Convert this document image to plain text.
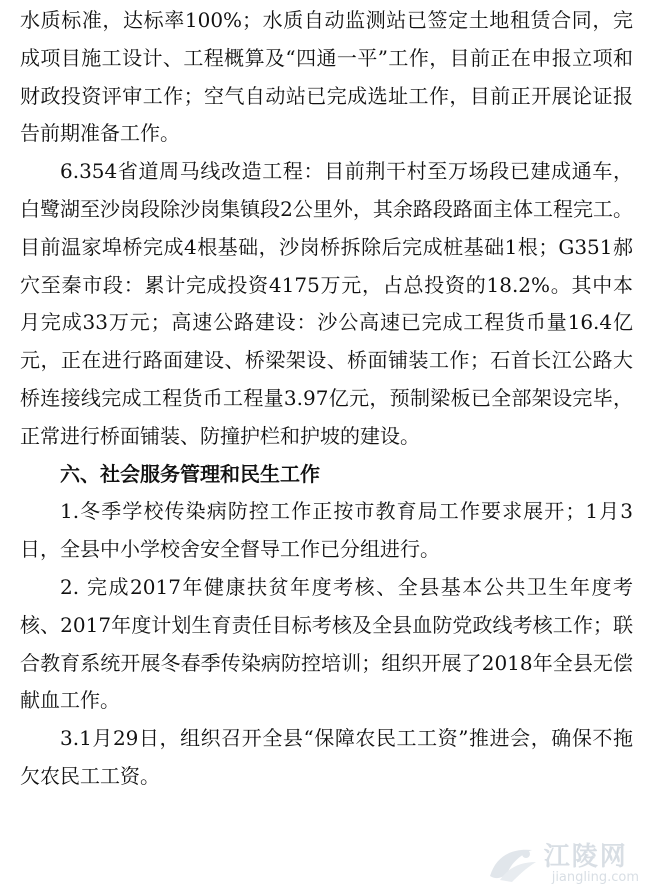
水质标准，达标率100%；水质自动监测站已签定土地租赁合同，完成项目施工设计、工程概算及“四通一平”工作，目前正在申报立项和财政投资评审工作；空气自动站已完成选址工作，目前正开展论证报告前期准备工作。

6.354省道周马线改造工程：目前荆干村至万场段已建成通车，白鹭湖至沙岗段除沙岗集镇段2公里外，其余路段路面主体工程完工。目前温家埠桥完成4根基础，沙岗桥拆除后完成桩基础1根；G351郝穴至秦市段：累计完成投资4175万元，占总投资的18.2%。其中本月完成33万元；高速公路建设：沙公高速已完成工程货币量16.4亿元，正在进行路面建设、桥梁架设、桥面铺装工作；石首长江公路大桥连接线完成工程货币工程量3.97亿元，预制梁板已全部架设完毕，正常进行桥面铺装、防撞护栏和护坡的建设。

六、社会服务管理和民生工作

1.冬季学校传染病防控工作正按市教育局工作要求展开；1月3日，全县中小学校舍安全督导工作已分组进行。

2. 完成2017年健康扶贫年度考核、全县基本公共卫生年度考核、2017年度计划生育责任目标考核及全县血防党政线考核工作；联合教育系统开展冬春季传染病防控培训；组织开展了2018年全县无偿献血工作。

3.1月29日，组织召开全县“保障农民工工资”推进会，确保不拖欠农民工工资。

江陵网
jiangling.com
